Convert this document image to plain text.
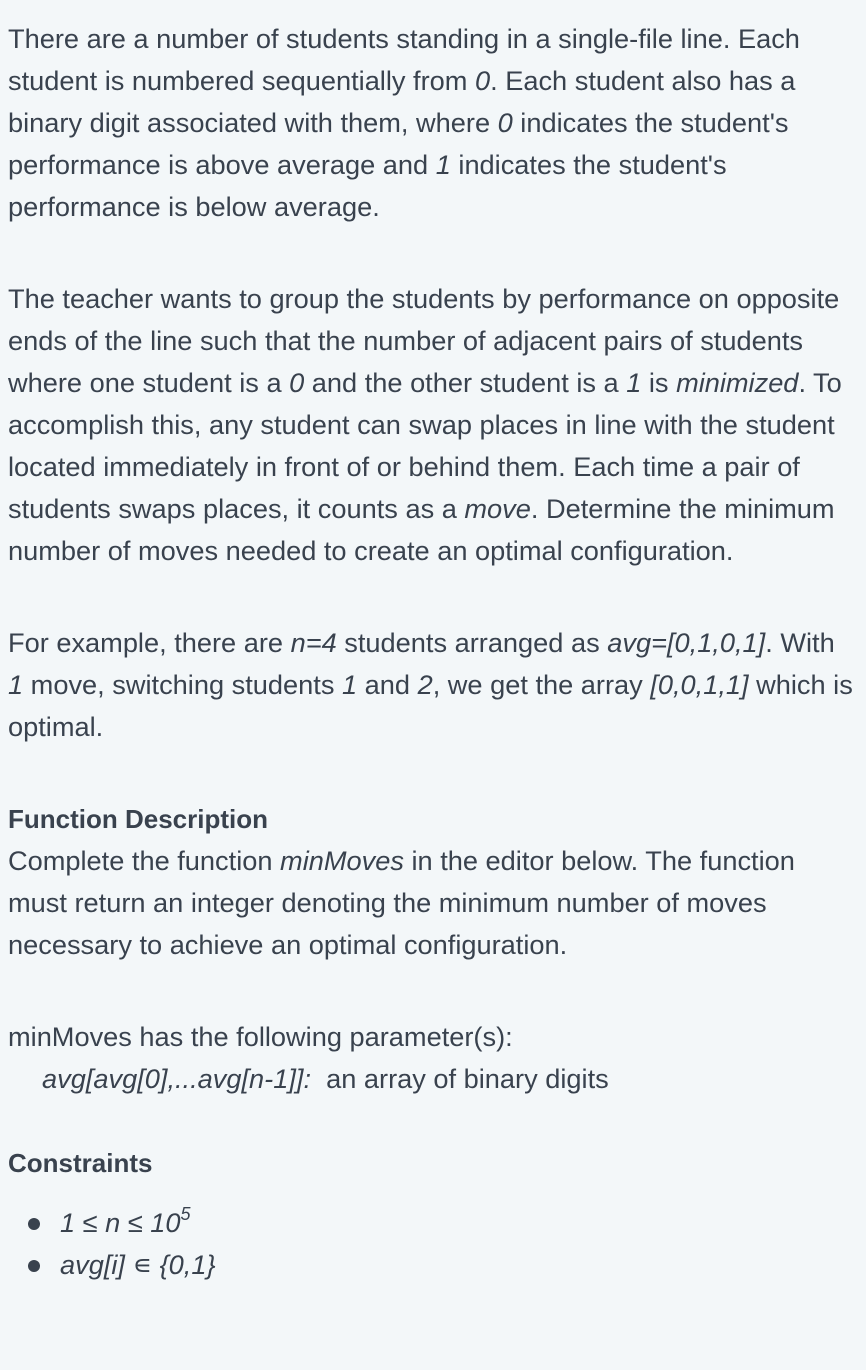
There are a number of students standing in a single-file line. Each student is numbered sequentially from 0. Each student also has a binary digit associated with them, where 0 indicates the student's performance is above average and 1 indicates the student's performance is below average.

The teacher wants to group the students by performance on opposite ends of the line such that the number of adjacent pairs of students where one student is a 0 and the other student is a 1 is minimized. To accomplish this, any student can swap places in line with the student located immediately in front of or behind them. Each time a pair of students swaps places, it counts as a move. Determine the minimum number of moves needed to create an optimal configuration.

For example, there are n=4 students arranged as avg=[0,1,0,1]. With 1 move, switching students 1 and 2, we get the array [0,0,1,1] which is optimal.

Function Description

Complete the function minMoves in the editor below. The function must return an integer denoting the minimum number of moves necessary to achieve an optimal configuration.

minMoves has the following parameter(s):

avg[avg[0],...avg[n-1]]:  an array of binary digits

Constraints
$1 \le n \le 10^5$
avg[i] ∊ {0,1}
